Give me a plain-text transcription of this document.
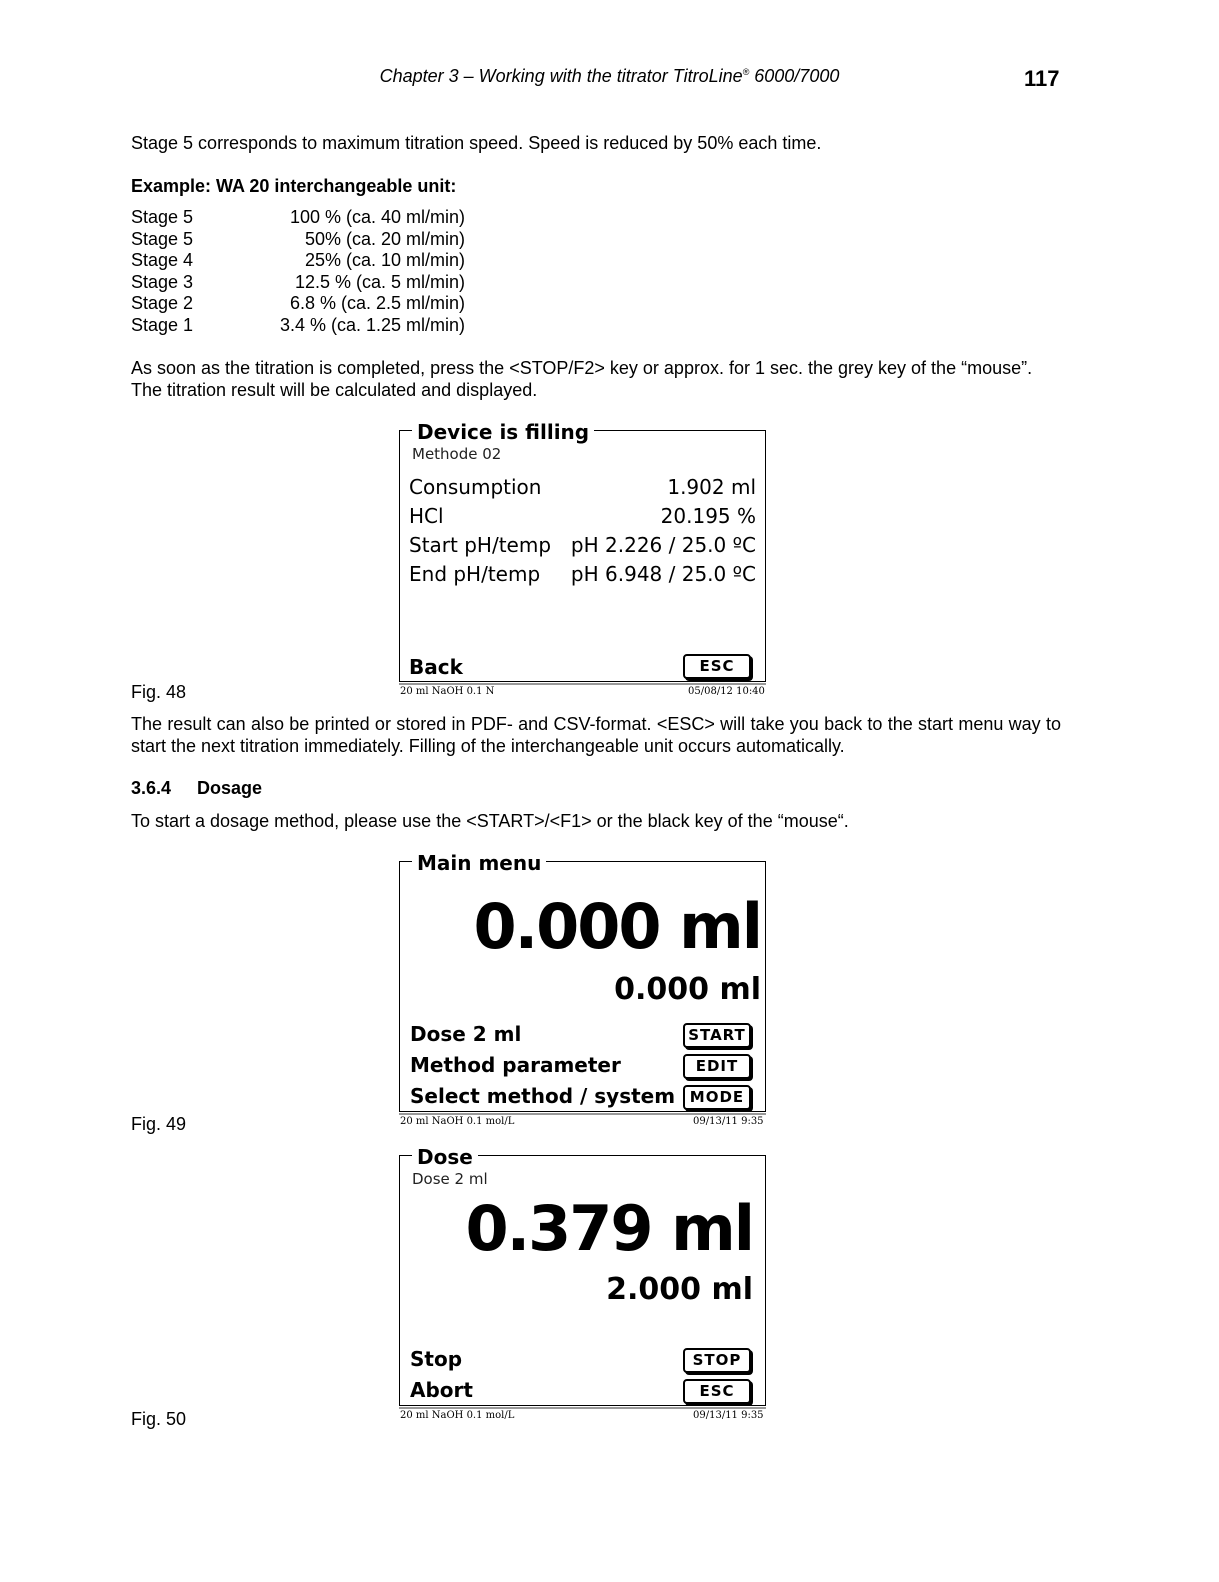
Chapter 3 – Working with the titrator TitroLine® 6000/7000	117
Stage 5 corresponds to maximum titration speed. Speed is reduced by 50% each time.
Example: WA 20 interchangeable unit:
Stage 5	100 % (ca. 40 ml/min)
Stage 5	50% (ca. 20 ml/min)
Stage 4	25% (ca. 10 ml/min)
Stage 3	12.5 % (ca. 5 ml/min)
Stage 2	6.8 % (ca. 2.5 ml/min)
Stage 1	3.4 % (ca. 1.25 ml/min)
As soon as the titration is completed, press the <STOP/F2> key or approx. for 1 sec. the grey key of the “mouse”.
The titration result will be calculated and displayed.
Device is filling
Methode 02
Consumption	1.902 ml
HCl	20.195 %
Start pH/temp pH 2.226 / 25.0 ºC
End pH/temp pH 6.948 / 25.0 ºC
Back	ESC
20 ml NaOH 0.1 N	05/08/12 10:40
Fig. 48
The result can also be printed or stored in PDF- and CSV-format. <ESC> will take you back to the start menu way to start the next titration immediately. Filling of the interchangeable unit occurs automatically.
3.6.4 Dosage
To start a dosage method, please use the <START>/<F1> or the black key of the “mouse“.
Main menu
0.000 ml
0.000 ml
Dose 2 ml	START
Method parameter	EDIT
Select method / system MODE
20 ml NaOH 0.1 mol/L	09/13/11 9:35
Fig. 49
Dose
Dose 2 ml
0.379 ml
2.000 ml
Stop	STOP
Abort	ESC
20 ml NaOH 0.1 mol/L	09/13/11 9:35
Fig. 50
